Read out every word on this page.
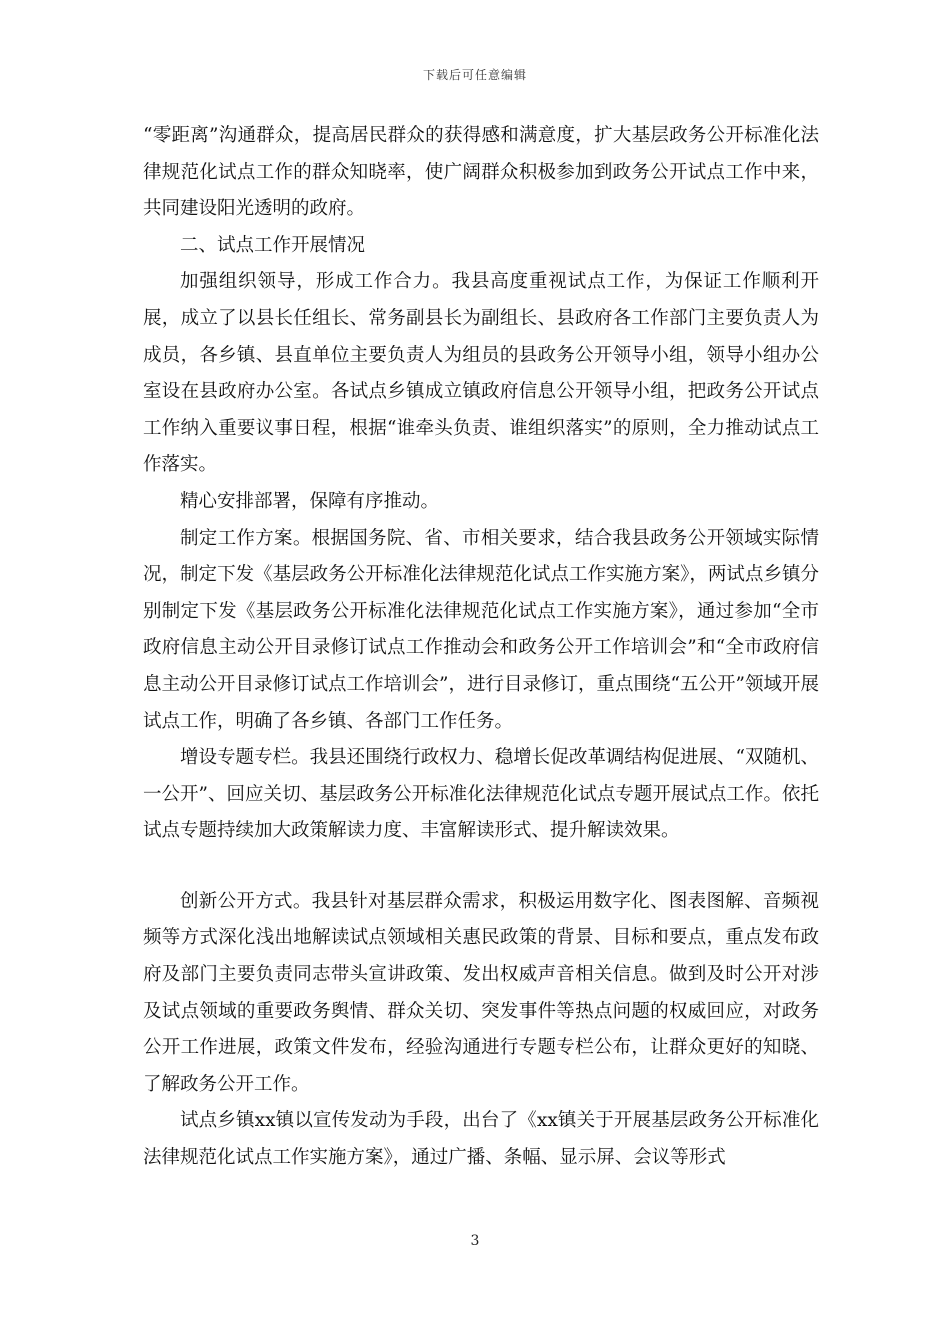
下载后可任意编辑

“零距离”沟通群众，提高居民群众的获得感和满意度，扩大基层政务公开标准化法律规范化试点工作的群众知晓率，使广阔群众积极参加到政务公开试点工作中来，共同建设阳光透明的政府。

二、试点工作开展情况

加强组织领导，形成工作合力。我县高度重视试点工作，为保证工作顺利开展，成立了以县长任组长、常务副县长为副组长、县政府各工作部门主要负责人为成员，各乡镇、县直单位主要负责人为组员的县政务公开领导小组，领导小组办公室设在县政府办公室。各试点乡镇成立镇政府信息公开领导小组，把政务公开试点工作纳入重要议事日程，根据“谁牵头负责、谁组织落实”的原则，全力推动试点工作落实。

精心安排部署，保障有序推动。

制定工作方案。根据国务院、省、市相关要求，结合我县政务公开领域实际情况，制定下发《基层政务公开标准化法律规范化试点工作实施方案》，两试点乡镇分别制定下发《基层政务公开标准化法律规范化试点工作实施方案》，通过参加“全市政府信息主动公开目录修订试点工作推动会和政务公开工作培训会”和“全市政府信息主动公开目录修订试点工作培训会”，进行目录修订，重点围绕“五公开”领域开展试点工作，明确了各乡镇、各部门工作任务。

增设专题专栏。我县还围绕行政权力、稳增长促改革调结构促进展、“双随机、一公开”、回应关切、基层政务公开标准化法律规范化试点专题开展试点工作。依托试点专题持续加大政策解读力度、丰富解读形式、提升解读效果。

创新公开方式。我县针对基层群众需求，积极运用数字化、图表图解、音频视频等方式深化浅出地解读试点领域相关惠民政策的背景、目标和要点，重点发布政府及部门主要负责同志带头宣讲政策、发出权威声音相关信息。做到及时公开对涉及试点领域的重要政务舆情、群众关切、突发事件等热点问题的权威回应，对政务公开工作进展，政策文件发布，经验沟通进行专题专栏公布，让群众更好的知晓、了解政务公开工作。

试点乡镇xx镇以宣传发动为手段，出台了《xx镇关于开展基层政务公开标准化法律规范化试点工作实施方案》，通过广播、条幅、显示屏、会议等形式

3
